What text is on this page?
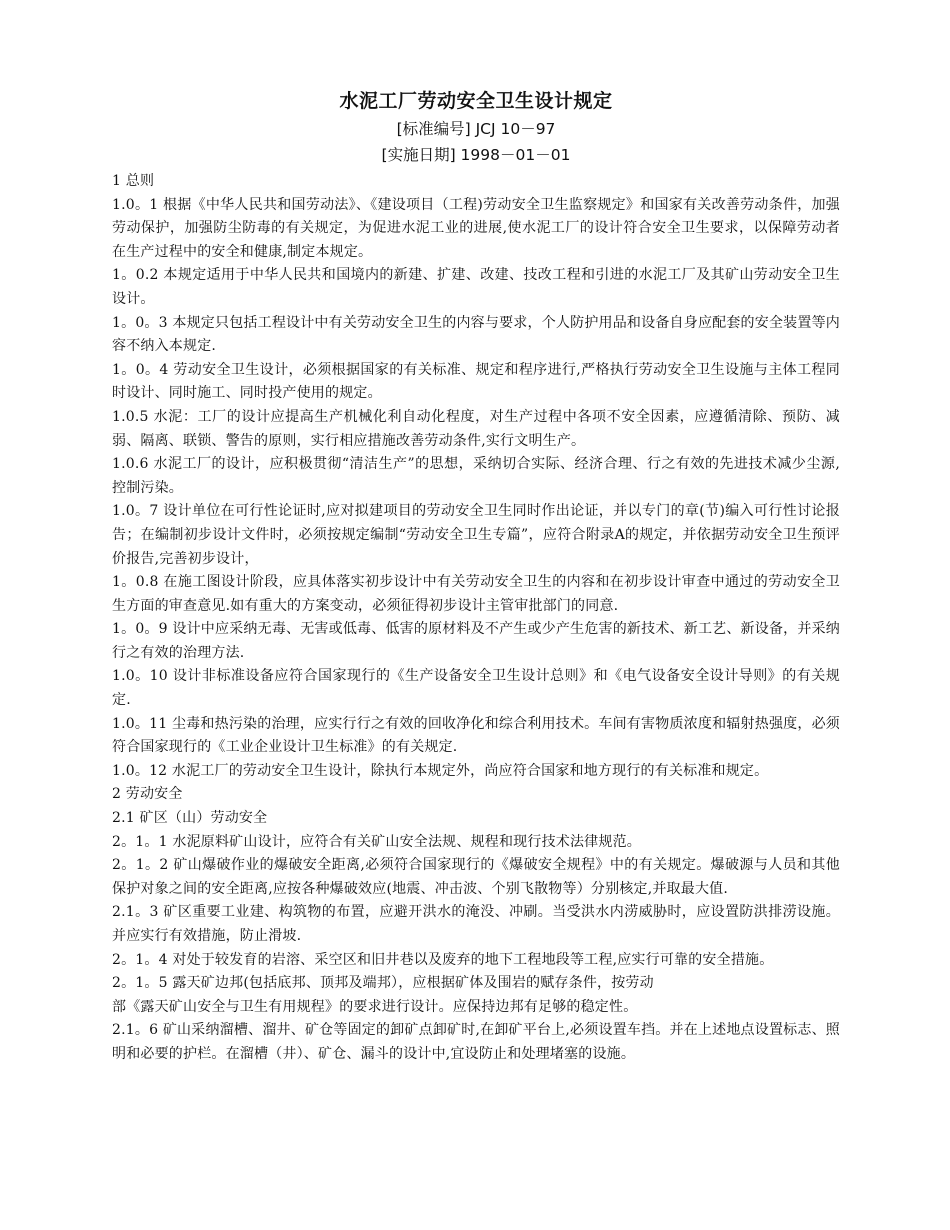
水泥工厂劳动安全卫生设计规定

[标准编号] JCJ 10－97

[实施日期] 1998－01－01

1 总则

1.0。1 根据《中华人民共和国劳动法》、《建设项目（工程)劳动安全卫生监察规定》和国家有关改善劳动条件，加强劳动保护，加强防尘防毒的有关规定，为促进水泥工业的进展,使水泥工厂的设计符合安全卫生要求，以保障劳动者在生产过程中的安全和健康,制定本规定。

1。0.2 本规定适用于中华人民共和国境内的新建、扩建、改建、技改工程和引进的水泥工厂及其矿山劳动安全卫生设计。

1。0。3 本规定只包括工程设计中有关劳动安全卫生的内容与要求，个人防护用品和设备自身应配套的安全装置等内容不纳入本规定.

1。0。4 劳动安全卫生设计，必须根据国家的有关标准、规定和程序进行,严格执行劳动安全卫生设施与主体工程同时设计、同时施工、同时投产使用的规定。

1.0.5 水泥：工厂的设计应提高生产机械化利自动化程度，对生产过程中各项不安全因素，应遵循清除、预防、减弱、隔离、联锁、警告的原则，实行相应措施改善劳动条件,实行文明生产。

1.0.6 水泥工厂的设计，应积极贯彻“清洁生产”的思想，采纳切合实际、经济合理、行之有效的先进技术减少尘源,控制污染。

1.0。7 设计单位在可行性论证时,应对拟建项目的劳动安全卫生同时作出论证，并以专门的章(节)编入可行性讨论报告；在编制初步设计文件时，必须按规定编制“劳动安全卫生专篇”，应符合附录A的规定，并依据劳动安全卫生预评价报告,完善初步设计，

1。0.8 在施工图设计阶段，应具体落实初步设计中有关劳动安全卫生的内容和在初步设计审查中通过的劳动安全卫生方面的审查意见.如有重大的方案变动，必须征得初步设计主管审批部门的同意.

1。0。9 设计中应采纳无毒、无害或低毒、低害的原材料及不产生或少产生危害的新技术、新工艺、新设备，并采纳行之有效的治理方法.

1.0。10 设计非标准设备应符合国家现行的《生产设备安全卫生设计总则》和《电气设备安全设计导则》的有关规定.

1.0。11 尘毒和热污染的治理，应实行行之有效的回收净化和综合利用技术。车间有害物质浓度和辐射热强度，必须符合国家现行的《工业企业设计卫生标准》的有关规定.

1.0。12 水泥工厂的劳动安全卫生设计，除执行本规定外，尚应符合国家和地方现行的有关标准和规定。

2 劳动安全

2.1 矿区（山）劳动安全

2。1。1 水泥原料矿山设计，应符合有关矿山安全法规、规程和现行技术法律规范。

2。1。2 矿山爆破作业的爆破安全距离,必须符合国家现行的《爆破安全规程》中的有关规定。爆破源与人员和其他保护对象之间的安全距离,应按各种爆破效应(地震、冲击波、个别飞散物等）分别核定,并取最大值.

2.1。3 矿区重要工业建、构筑物的布置，应避开洪水的淹没、冲刷。当受洪水内涝威胁时，应设置防洪排涝设施。并应实行有效措施，防止滑坡.

2。1。4 对处于较发育的岩溶、采空区和旧井巷以及废弃的地下工程地段等工程,应实行可靠的安全措施。

2。1。5 露天矿边邦(包括底邦、顶邦及端邦），应根据矿体及围岩的赋存条件，按劳动

部《露天矿山安全与卫生有用规程》的要求进行设计。应保持边邦有足够的稳定性。

2.1。6 矿山采纳溜槽、溜井、矿仓等固定的卸矿点卸矿时,在卸矿平台上,必须设置车挡。并在上述地点设置标志、照明和必要的护栏。在溜槽（井）、矿仓、漏斗的设计中,宜设防止和处理堵塞的设施。
